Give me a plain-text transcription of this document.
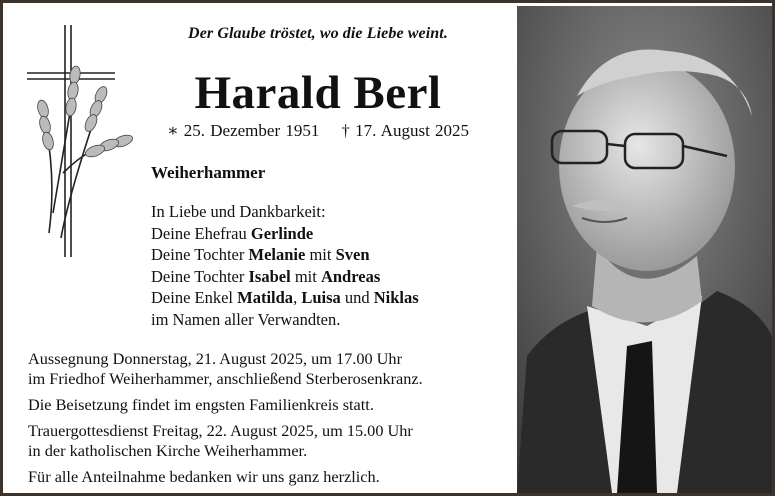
Der Glaube tröstet, wo die Liebe weint.
Harald Berl
∗ 25. Dezember 1951 † 17. August 2025
Weiherhammer
In Liebe und Dankbarkeit:
Deine Ehefrau Gerlinde
Deine Tochter Melanie mit Sven
Deine Tochter Isabel mit Andreas
Deine Enkel Matilda, Luisa und Niklas
im Namen aller Verwandten.

Aussegnung Donnerstag, 21. August 2025, um 17.00 Uhr
im Friedhof Weiherhammer, anschließend Sterberosenkranz.

Die Beisetzung findet im engsten Familienkreis statt.

Trauergottesdienst Freitag, 22. August 2025, um 15.00 Uhr
in der katholischen Kirche Weiherhammer.

Für alle Anteilnahme bedanken wir uns ganz herzlich.
